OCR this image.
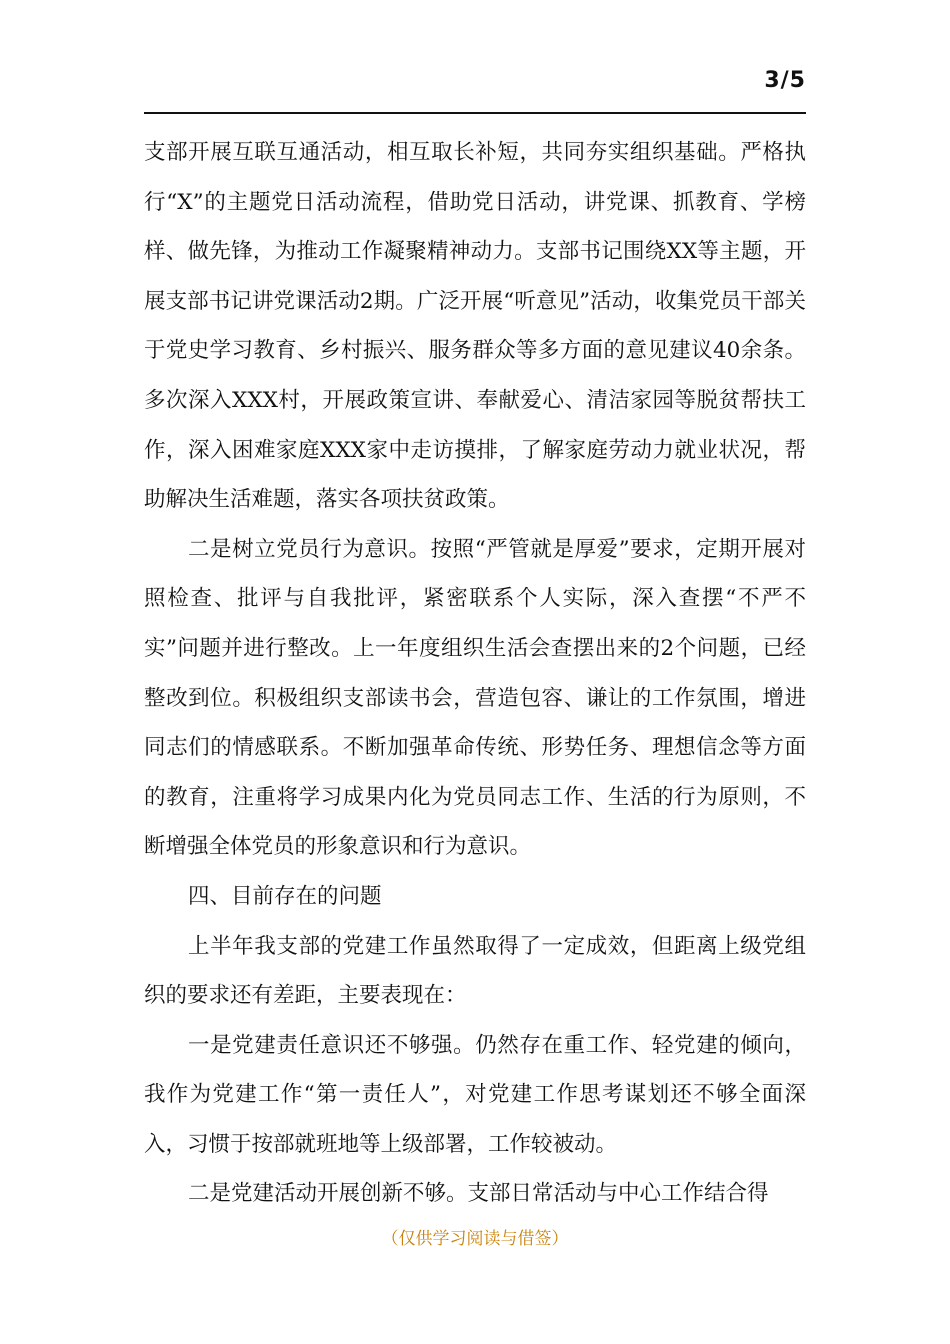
3/5

支部开展互联互通活动，相互取长补短，共同夯实组织基础。严格执行“X”的主题党日活动流程，借助党日活动，讲党课、抓教育、学榜样、做先锋，为推动工作凝聚精神动力。支部书记围绕XX等主题，开展支部书记讲党课活动2期。广泛开展“听意见”活动，收集党员干部关于党史学习教育、乡村振兴、服务群众等多方面的意见建议40余条。多次深入XXX村，开展政策宣讲、奉献爱心、清洁家园等脱贫帮扶工作，深入困难家庭XXX家中走访摸排，了解家庭劳动力就业状况，帮助解决生活难题，落实各项扶贫政策。

二是树立党员行为意识。按照“严管就是厚爱”要求，定期开展对照检查、批评与自我批评，紧密联系个人实际，深入查摆“不严不实”问题并进行整改。上一年度组织生活会查摆出来的2个问题，已经整改到位。积极组织支部读书会，营造包容、谦让的工作氛围，增进同志们的情感联系。不断加强革命传统、形势任务、理想信念等方面的教育，注重将学习成果内化为党员同志工作、生活的行为原则，不断增强全体党员的形象意识和行为意识。

四、目前存在的问题

上半年我支部的党建工作虽然取得了一定成效，但距离上级党组织的要求还有差距，主要表现在：

一是党建责任意识还不够强。仍然存在重工作、轻党建的倾向，我作为党建工作“第一责任人”，对党建工作思考谋划还不够全面深入，习惯于按部就班地等上级部署，工作较被动。

二是党建活动开展创新不够。支部日常活动与中心工作结合得

（仅供学习阅读与借签）
